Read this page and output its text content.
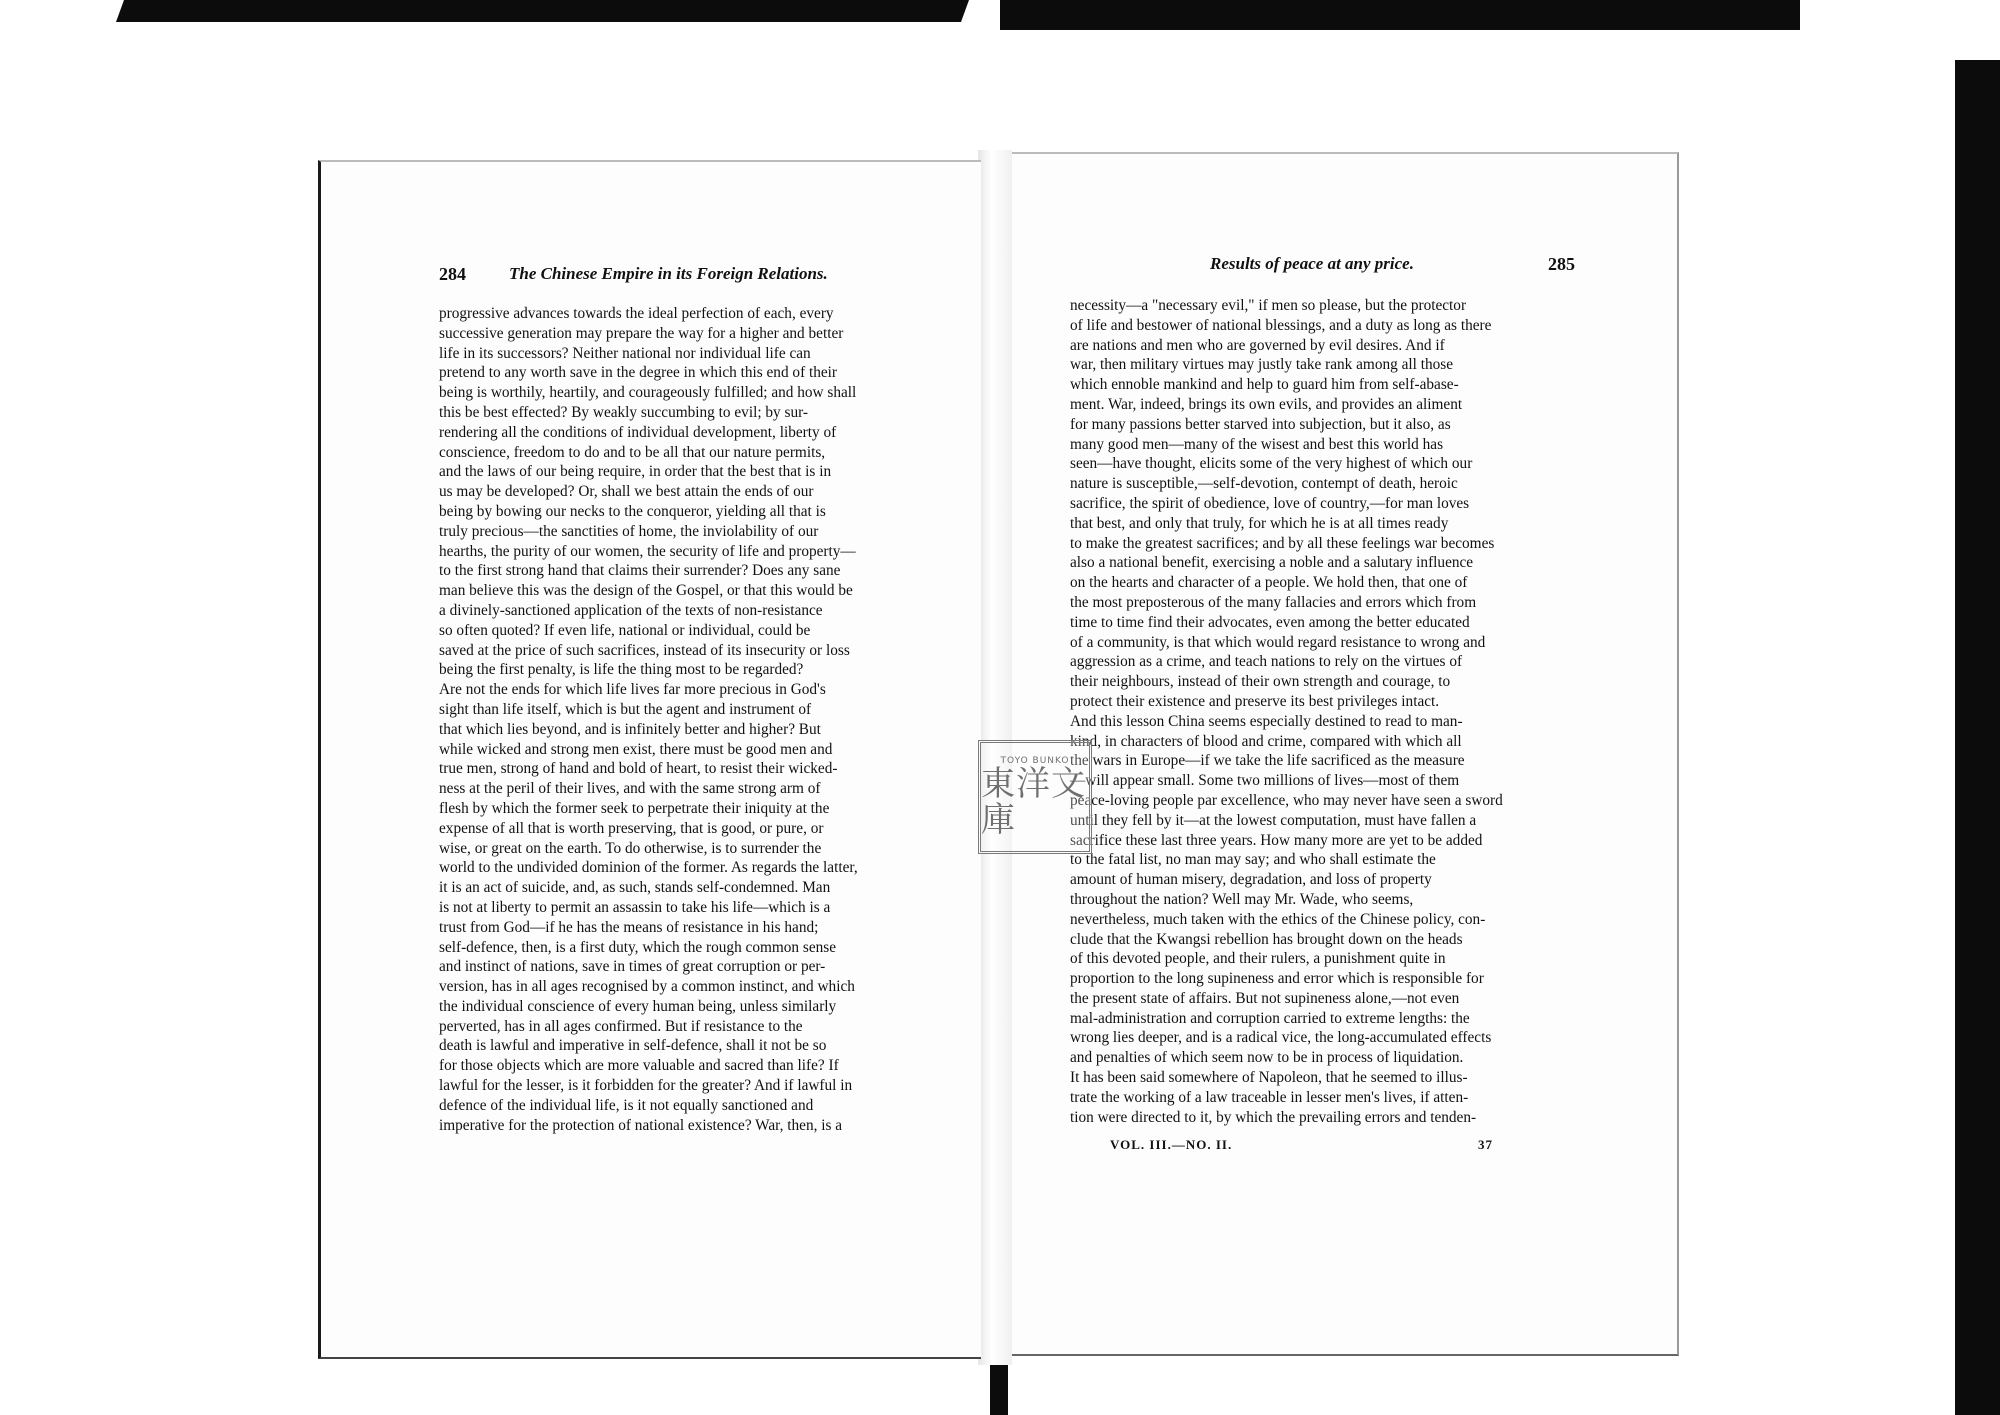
284	The Chinese Empire in its Foreign Relations.
progressive advances towards the ideal perfection of each, every
successive generation may prepare the way for a higher and better
life in its successors? Neither national nor individual life can
pretend to any worth save in the degree in which this end of their
being is worthily, heartily, and courageously fulfilled; and how shall
this be best effected? By weakly succumbing to evil; by sur-
rendering all the conditions of individual development, liberty of
conscience, freedom to do and to be all that our nature permits,
and the laws of our being require, in order that the best that is in
us may be developed? Or, shall we best attain the ends of our
being by bowing our necks to the conqueror, yielding all that is
truly precious—the sanctities of home, the inviolability of our
hearths, the purity of our women, the security of life and property—
to the first strong hand that claims their surrender? Does any sane
man believe this was the design of the Gospel, or that this would be
a divinely-sanctioned application of the texts of non-resistance
so often quoted? If even life, national or individual, could be
saved at the price of such sacrifices, instead of its insecurity or loss
being the first penalty, is life the thing most to be regarded?
Are not the ends for which life lives far more precious in God's
sight than life itself, which is but the agent and instrument of
that which lies beyond, and is infinitely better and higher? But
while wicked and strong men exist, there must be good men and
true men, strong of hand and bold of heart, to resist their wicked-
ness at the peril of their lives, and with the same strong arm of
flesh by which the former seek to perpetrate their iniquity at the
expense of all that is worth preserving, that is good, or pure, or
wise, or great on the earth. To do otherwise, is to surrender the
world to the undivided dominion of the former. As regards the latter,
it is an act of suicide, and, as such, stands self-condemned. Man
is not at liberty to permit an assassin to take his life—which is a
trust from God—if he has the means of resistance in his hand;
self-defence, then, is a first duty, which the rough common sense
and instinct of nations, save in times of great corruption or per-
version, has in all ages recognised by a common instinct, and which
the individual conscience of every human being, unless similarly
perverted, has in all ages confirmed. But if resistance to the
death is lawful and imperative in self-defence, shall it not be so
for those objects which are more valuable and sacred than life? If
lawful for the lesser, is it forbidden for the greater? And if lawful in
defence of the individual life, is it not equally sanctioned and
imperative for the protection of national existence? War, then, is a
Results of peace at any price.	285
necessity—a "necessary evil," if men so please, but the protector
of life and bestower of national blessings, and a duty as long as there
are nations and men who are governed by evil desires. And if
war, then military virtues may justly take rank among all those
which ennoble mankind and help to guard him from self-abase-
ment. War, indeed, brings its own evils, and provides an aliment
for many passions better starved into subjection, but it also, as
many good men—many of the wisest and best this world has
seen—have thought, elicits some of the very highest of which our
nature is susceptible,—self-devotion, contempt of death, heroic
sacrifice, the spirit of obedience, love of country,—for man loves
that best, and only that truly, for which he is at all times ready
to make the greatest sacrifices; and by all these feelings war becomes
also a national benefit, exercising a noble and a salutary influence
on the hearts and character of a people. We hold then, that one of
the most preposterous of the many fallacies and errors which from
time to time find their advocates, even among the better educated
of a community, is that which would regard resistance to wrong and
aggression as a crime, and teach nations to rely on the virtues of
their neighbours, instead of their own strength and courage, to
protect their existence and preserve its best privileges intact.
And this lesson China seems especially destined to read to man-
kind, in characters of blood and crime, compared with which all
the wars in Europe—if we take the life sacrificed as the measure
—will appear small. Some two millions of lives—most of them
peace-loving people par excellence, who may never have seen a sword
until they fell by it—at the lowest computation, must have fallen a
sacrifice these last three years. How many more are yet to be added
to the fatal list, no man may say; and who shall estimate the
amount of human misery, degradation, and loss of property
throughout the nation? Well may Mr. Wade, who seems,
nevertheless, much taken with the ethics of the Chinese policy, con-
clude that the Kwangsi rebellion has brought down on the heads
of this devoted people, and their rulers, a punishment quite in
proportion to the long supineness and error which is responsible for
the present state of affairs. But not supineness alone,—not even
mal-administration and corruption carried to extreme lengths: the
wrong lies deeper, and is a radical vice, the long-accumulated effects
and penalties of which seem now to be in process of liquidation.
It has been said somewhere of Napoleon, that he seemed to illus-
trate the working of a law traceable in lesser men's lives, if atten-
tion were directed to it, by which the prevailing errors and tenden-
VOL. III.—NO. II.	37
TOYO BUNKO
東洋文庫
